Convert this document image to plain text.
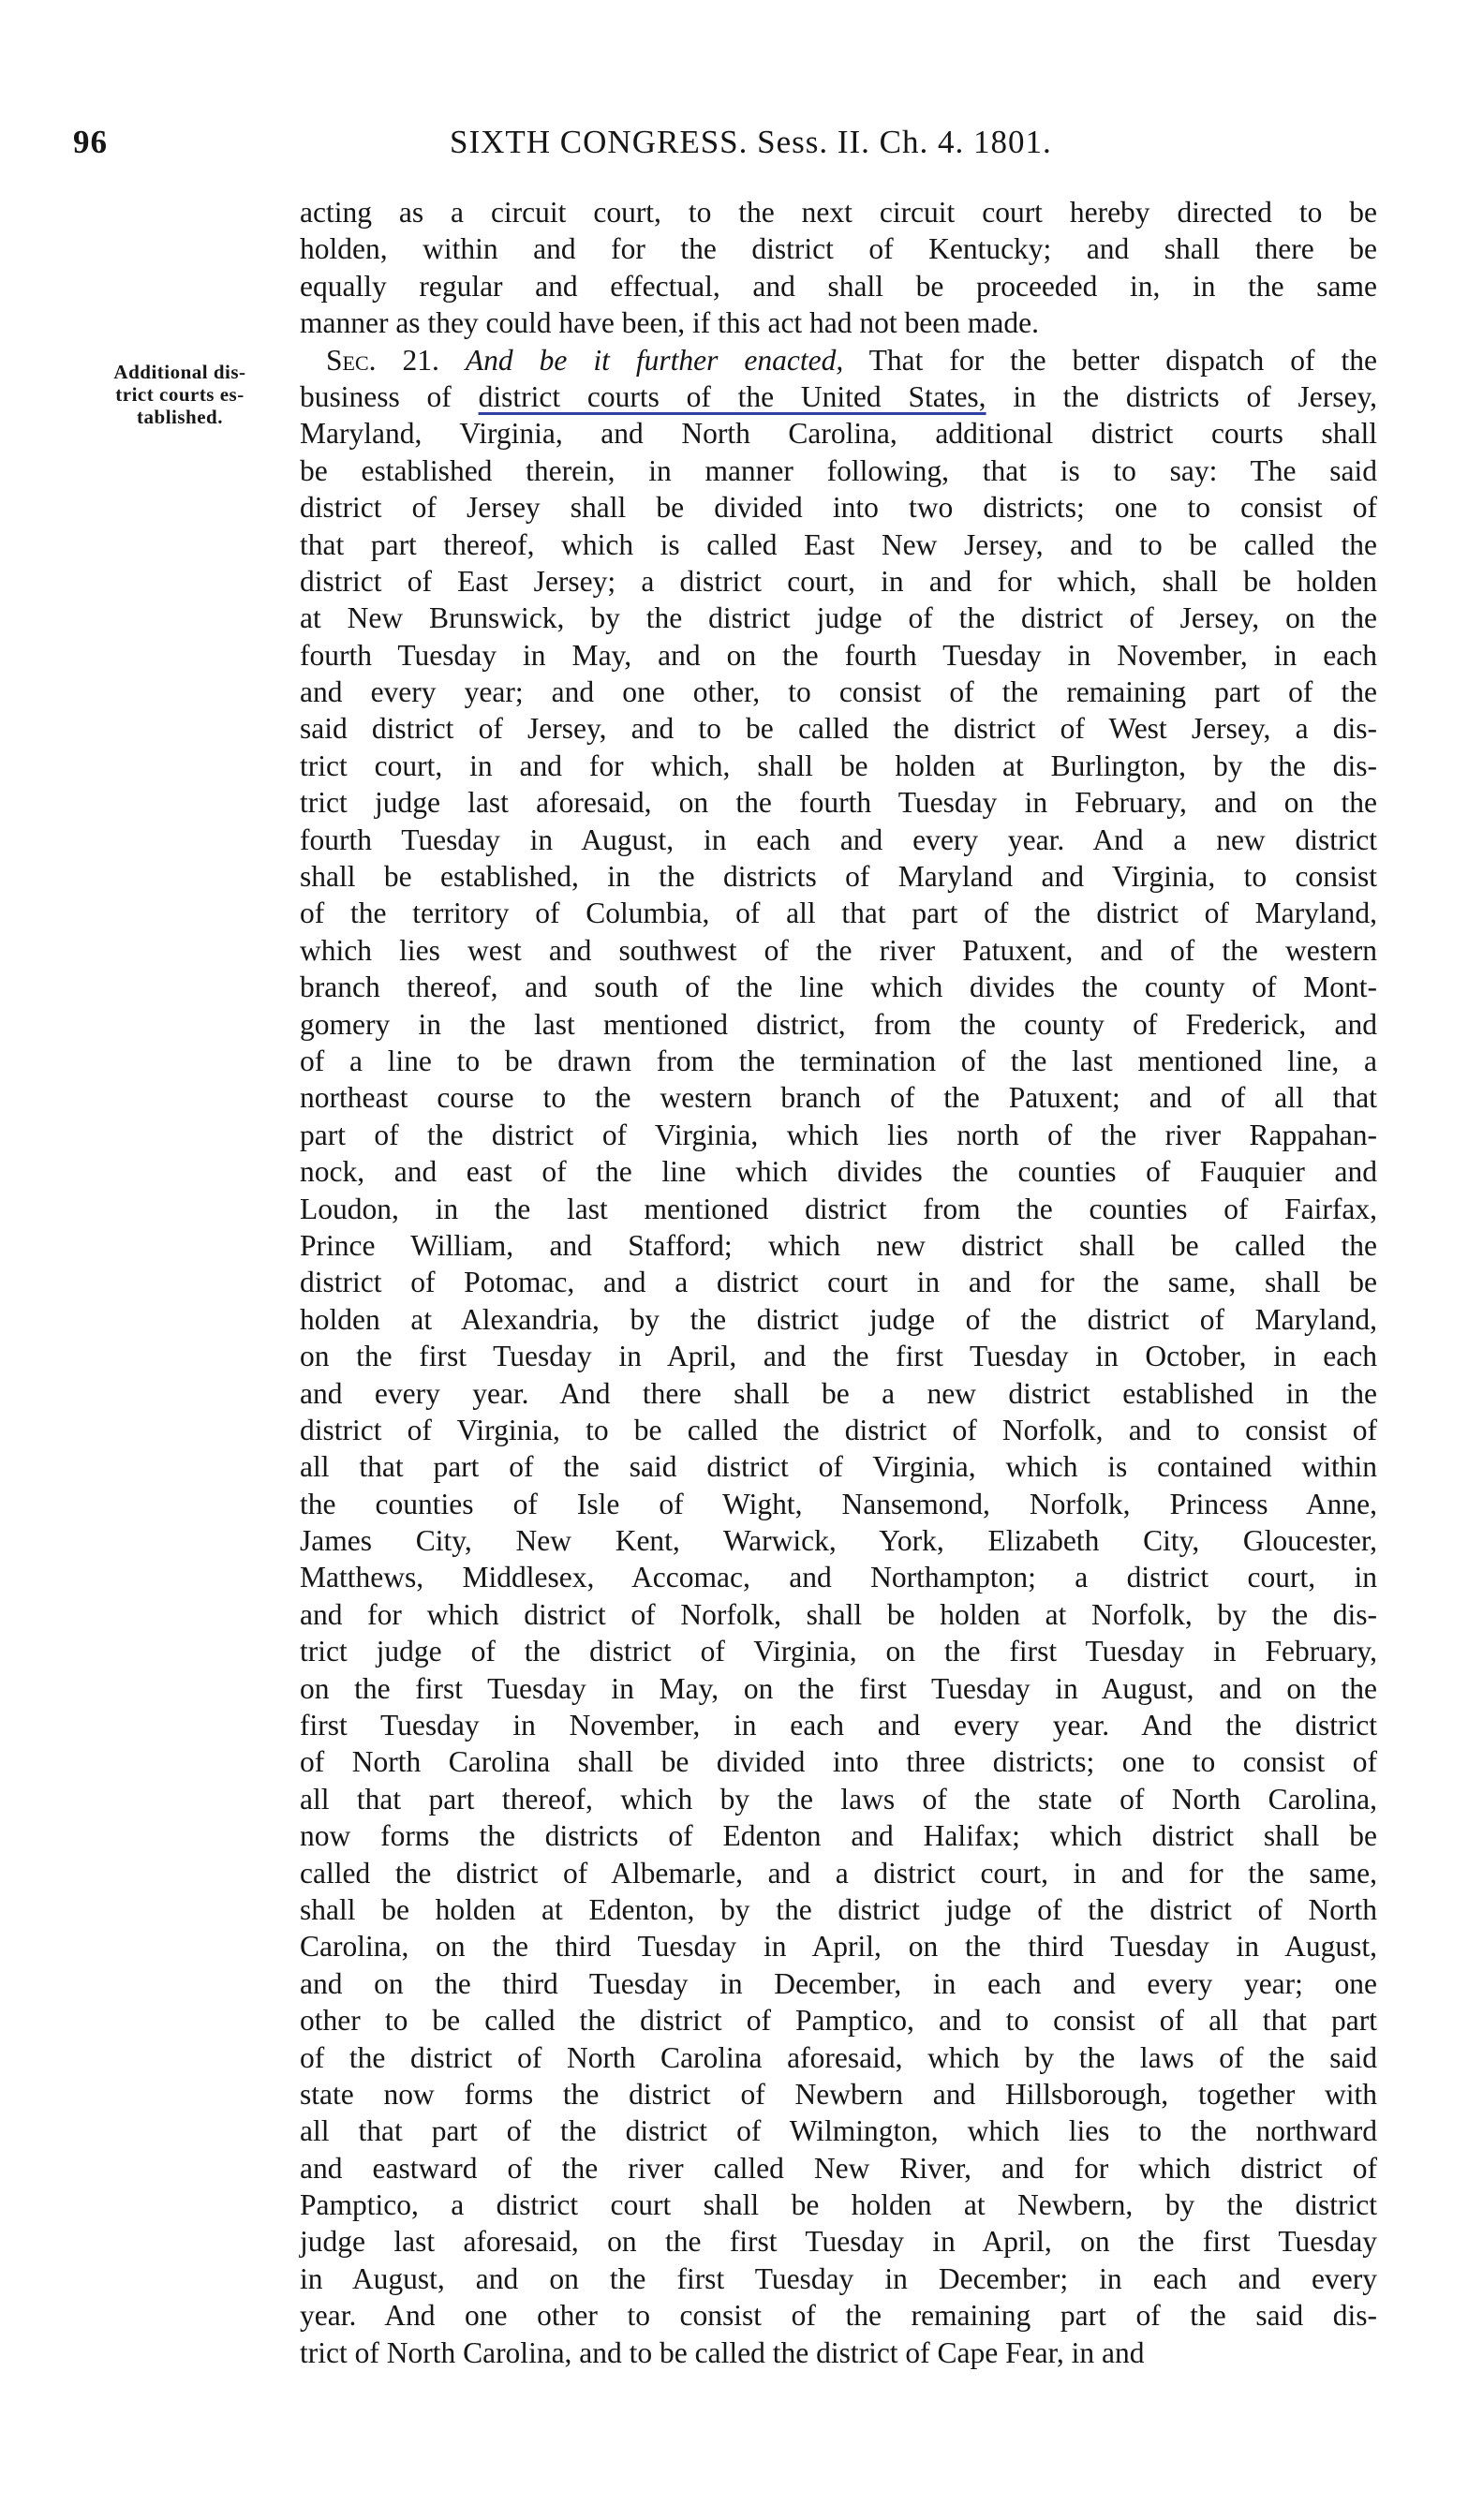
96	SIXTH CONGRESS. Sess. II. Ch. 4. 1801.
Additional dis-
trict courts es-
tablished.
acting as a circuit court, to the next circuit court hereby directed to be
holden, within and for the district of Kentucky; and shall there be
equally regular and effectual, and shall be proceeded in, in the same
manner as they could have been, if this act had not been made.
Sec. 21. And be it further enacted, That for the better dispatch of the
business of district courts of the United States, in the districts of Jersey,
Maryland, Virginia, and North Carolina, additional district courts shall
be established therein, in manner following, that is to say: The said
district of Jersey shall be divided into two districts; one to consist of
that part thereof, which is called East New Jersey, and to be called the
district of East Jersey; a district court, in and for which, shall be holden
at New Brunswick, by the district judge of the district of Jersey, on the
fourth Tuesday in May, and on the fourth Tuesday in November, in each
and every year; and one other, to consist of the remaining part of the
said district of Jersey, and to be called the district of West Jersey, a dis-
trict court, in and for which, shall be holden at Burlington, by the dis-
trict judge last aforesaid, on the fourth Tuesday in February, and on the
fourth Tuesday in August, in each and every year. And a new district
shall be established, in the districts of Maryland and Virginia, to consist
of the territory of Columbia, of all that part of the district of Maryland,
which lies west and southwest of the river Patuxent, and of the western
branch thereof, and south of the line which divides the county of Mont-
gomery in the last mentioned district, from the county of Frederick, and
of a line to be drawn from the termination of the last mentioned line, a
northeast course to the western branch of the Patuxent; and of all that
part of the district of Virginia, which lies north of the river Rappahan-
nock, and east of the line which divides the counties of Fauquier and
Loudon, in the last mentioned district from the counties of Fairfax,
Prince William, and Stafford; which new district shall be called the
district of Potomac, and a district court in and for the same, shall be
holden at Alexandria, by the district judge of the district of Maryland,
on the first Tuesday in April, and the first Tuesday in October, in each
and every year. And there shall be a new district established in the
district of Virginia, to be called the district of Norfolk, and to consist of
all that part of the said district of Virginia, which is contained within
the counties of Isle of Wight, Nansemond, Norfolk, Princess Anne,
James City, New Kent, Warwick, York, Elizabeth City, Gloucester,
Matthews, Middlesex, Accomac, and Northampton; a district court, in
and for which district of Norfolk, shall be holden at Norfolk, by the dis-
trict judge of the district of Virginia, on the first Tuesday in February,
on the first Tuesday in May, on the first Tuesday in August, and on the
first Tuesday in November, in each and every year. And the district
of North Carolina shall be divided into three districts; one to consist of
all that part thereof, which by the laws of the state of North Carolina,
now forms the districts of Edenton and Halifax; which district shall be
called the district of Albemarle, and a district court, in and for the same,
shall be holden at Edenton, by the district judge of the district of North
Carolina, on the third Tuesday in April, on the third Tuesday in August,
and on the third Tuesday in December, in each and every year; one
other to be called the district of Pamptico, and to consist of all that part
of the district of North Carolina aforesaid, which by the laws of the said
state now forms the district of Newbern and Hillsborough, together with
all that part of the district of Wilmington, which lies to the northward
and eastward of the river called New River, and for which district of
Pamptico, a district court shall be holden at Newbern, by the district
judge last aforesaid, on the first Tuesday in April, on the first Tuesday
in August, and on the first Tuesday in December; in each and every
year. And one other to consist of the remaining part of the said dis-
trict of North Carolina, and to be called the district of Cape Fear, in and
